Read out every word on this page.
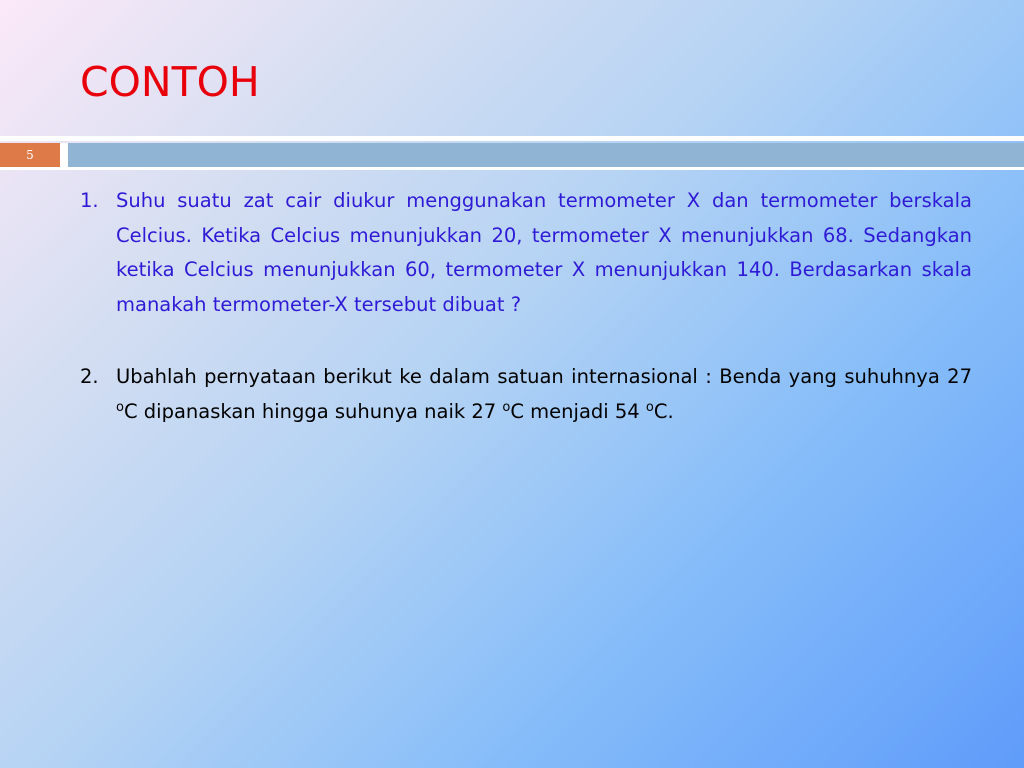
CONTOH
5
1. Suhu suatu zat cair diukur menggunakan termometer X dan termometer berskala Celcius. Ketika Celcius menunjukkan 20, termometer X menunjukkan 68. Sedangkan ketika Celcius menunjukkan 60, termometer X menunjukkan 140. Berdasarkan skala manakah termometer-X tersebut dibuat ?
2. Ubahlah pernyataan berikut ke dalam satuan internasional : Benda yang suhuhnya 27 $^o$C dipanaskan hingga suhunya naik 27 $^o$C menjadi 54 $^o$C.
